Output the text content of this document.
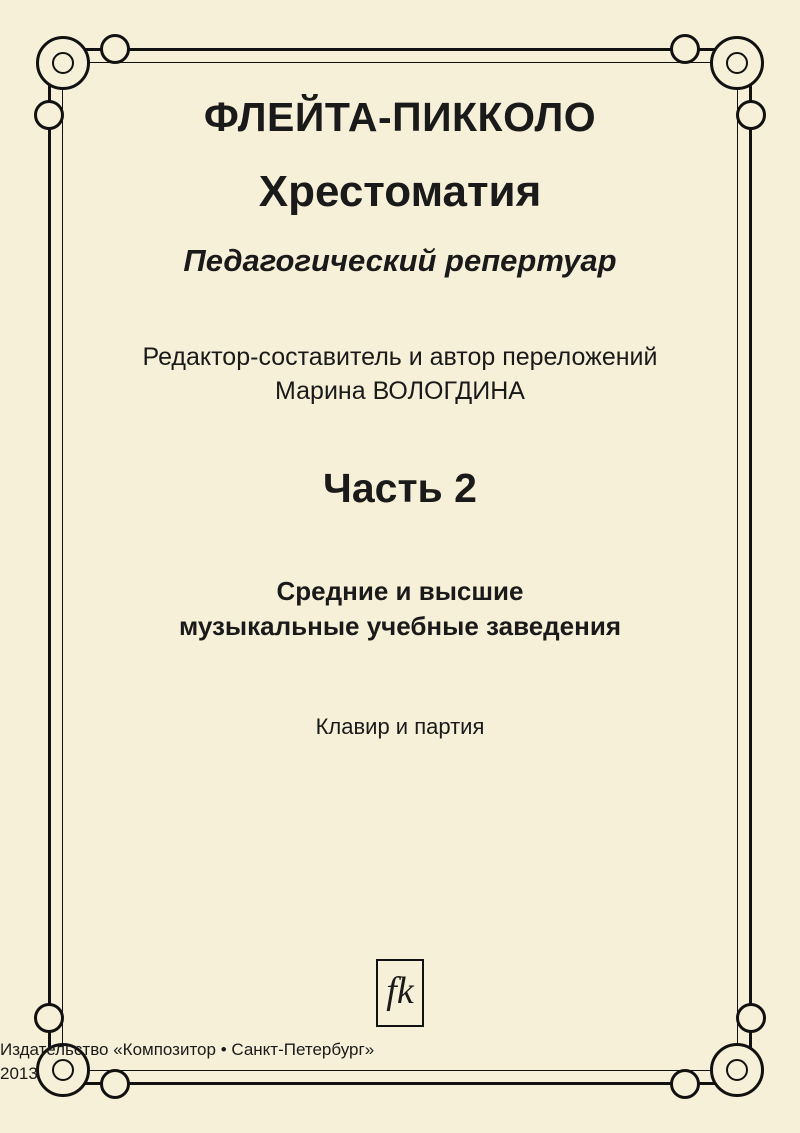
ФЛЕЙТА-ПИККОЛО
Хрестоматия
Педагогический репертуар
Редактор-составитель и автор переложений
Марина ВОЛОГДИНА
Часть 2
Средние и высшие
музыкальные учебные заведения
Клавир и партия
fk
Издательство «Композитор • Санкт-Петербург»
2013
